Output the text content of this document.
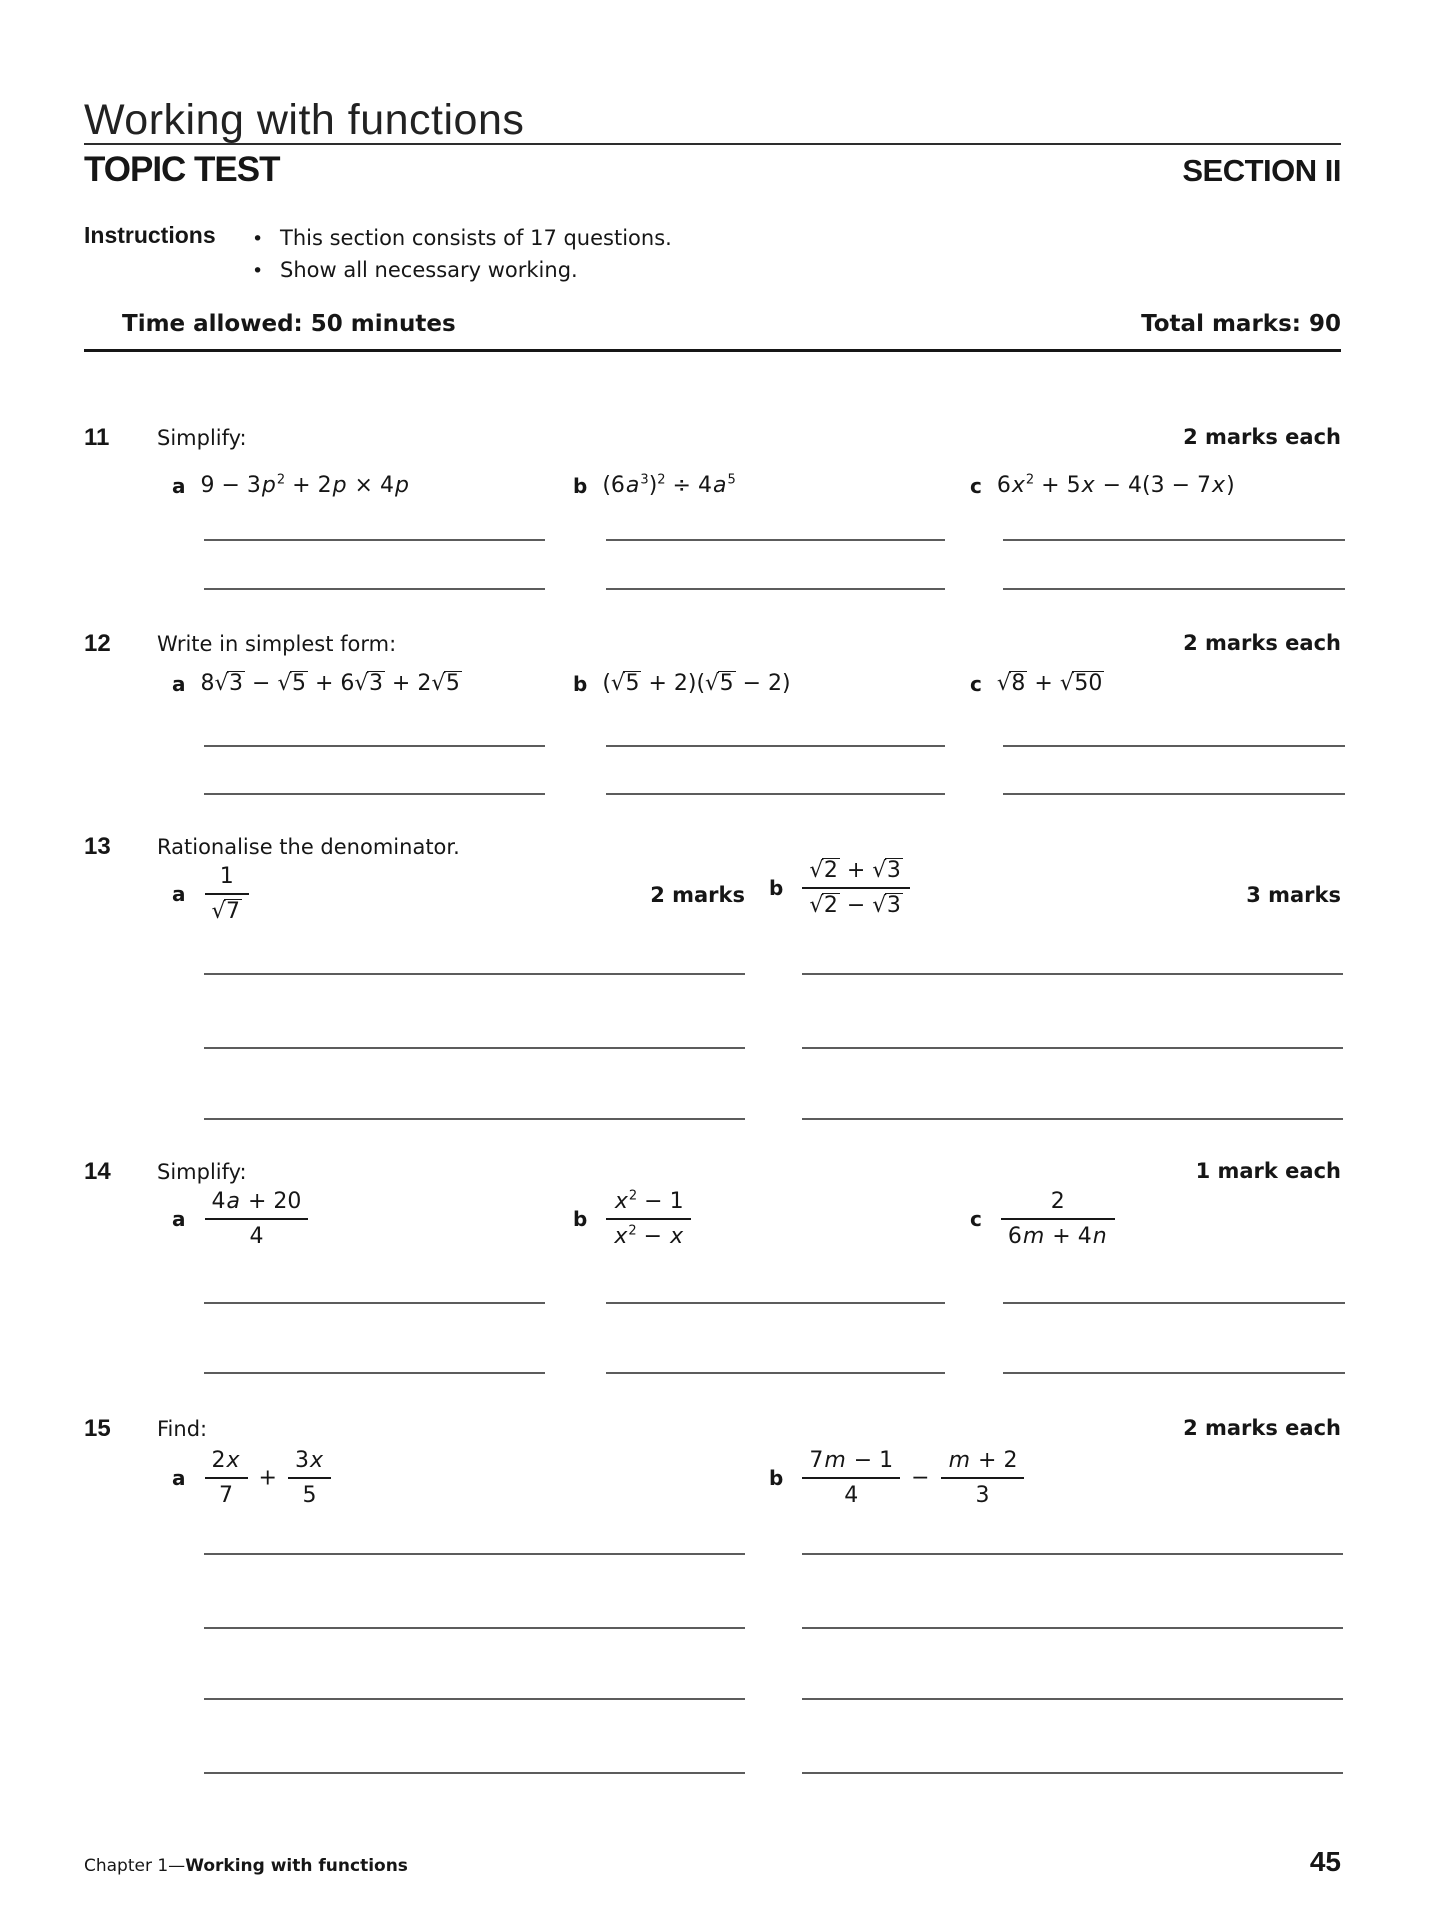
Working with functions
TOPIC TEST	SECTION II
Instructions • This section consists of 17 questions.
• Show all necessary working.
Time allowed: 50 minutes	Total marks: 90
11 Simplify:	2 marks each
a $9 - 3p^2 + 2p \times 4p$	b $(6a^3)^2 \div 4a^5$	c $6x^2 + 5x - 4(3 - 7x)$
12 Write in simplest form:	2 marks each
a 8 √ 3 − √ 5 + 6 √ 3 + 2 √ 5	b ( √ 5 + 2)( √ 5 − 2)	c	√ 8 + √ 50
13 Rationalise the denominator.
a 1
√ 7	2 marks b √ 2 + √ 3
√ 2 − √ 3	3 marks
14 Simplify:	1 mark each
a $\frac{4a + 20}{4}$	b $\frac{x^2 - 1}{x^2 - x}$	c $\frac{2}{6m + 4n}$
15 Find:	2 marks each
a $\frac{2x}{7} + \frac{3x}{5}$	b $\frac{7m - 1}{4} - \frac{m + 2}{3}$
Chapter 1—Working with functions	45
